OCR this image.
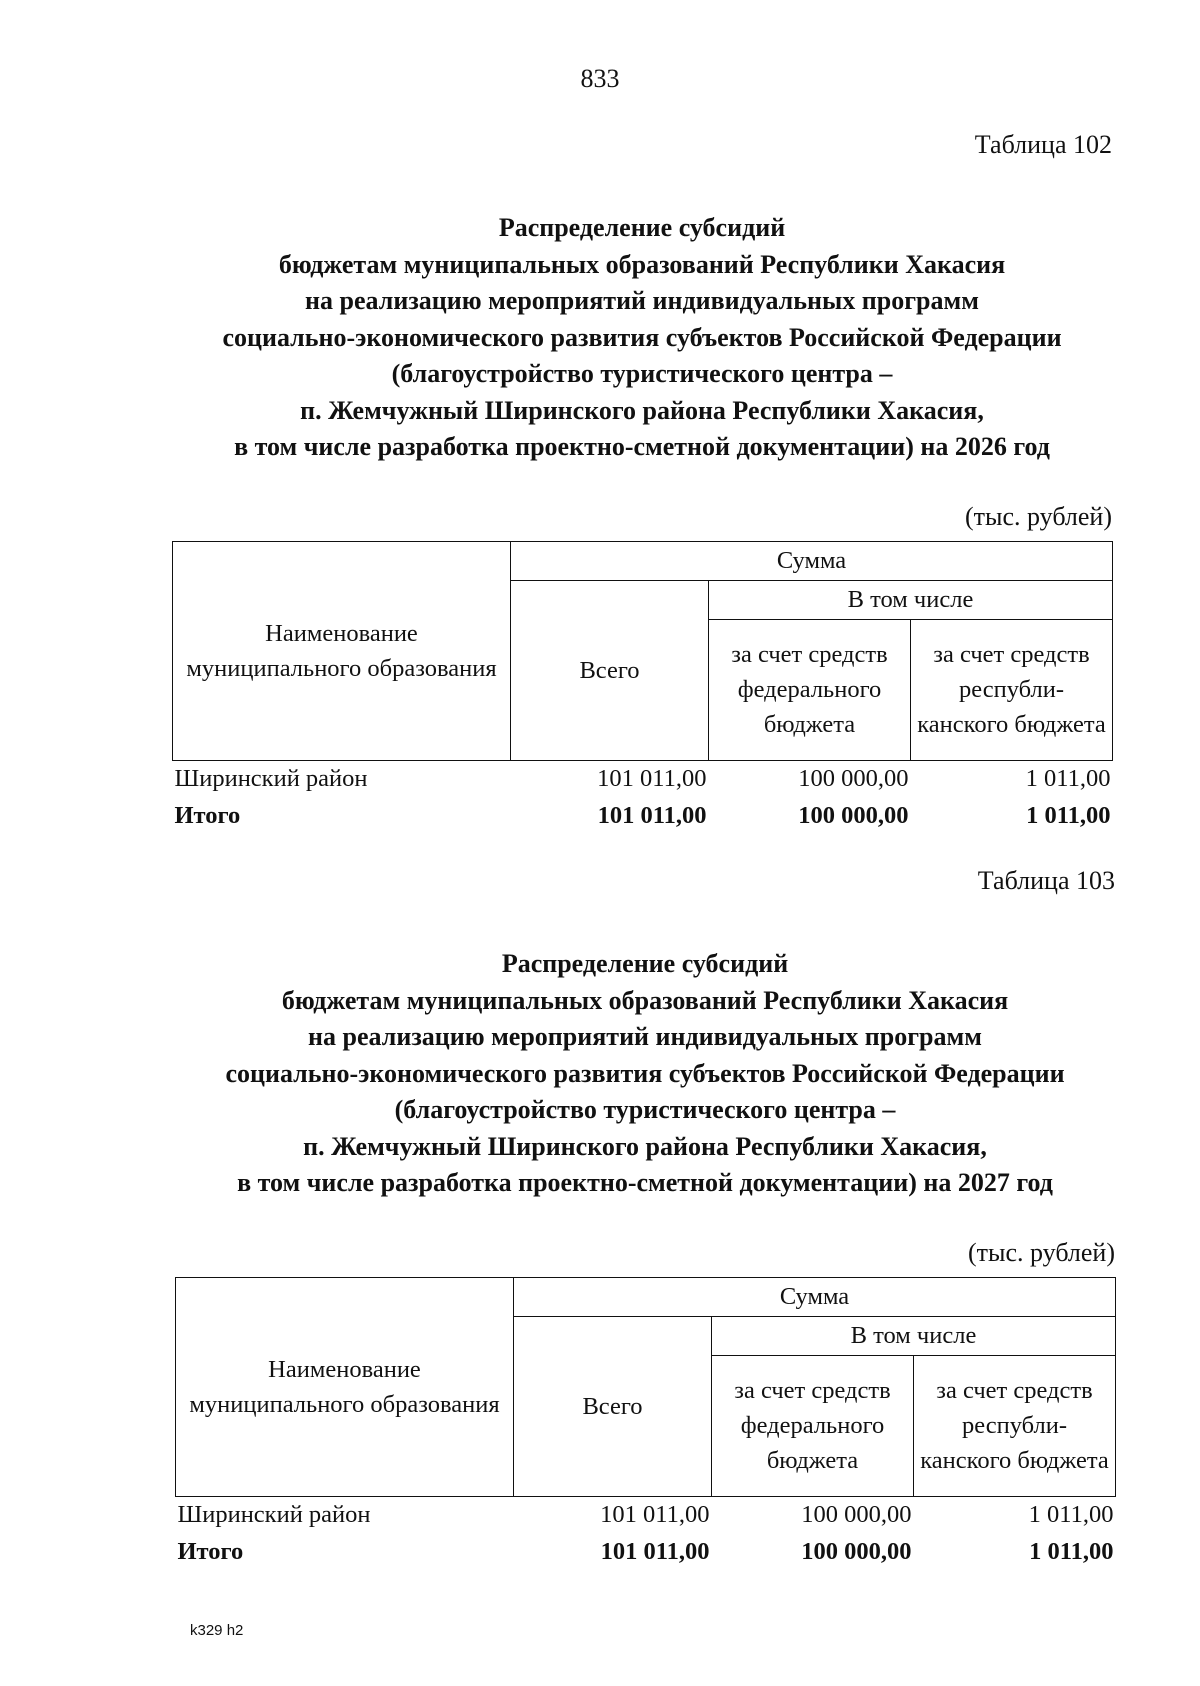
833
Таблица 102
Распределение субсидий
бюджетам муниципальных образований Республики Хакасия
на реализацию мероприятий индивидуальных программ
социально-экономического развития субъектов Российской Федерации
(благоустройство туристического центра –
п. Жемчужный Ширинского района Республики Хакасия,
в том числе разработка проектно-сметной документации) на 2026 год
(тыс. рублей)
Наименование муниципального образования	Сумма		
	Всего	В том числе	
		за счет средств федерального бюджета	за счет средств республи-канского бюджета
Ширинский район	101 011,00	100 000,00	1 011,00
Итого	101 011,00	100 000,00	1 011,00
Таблица 103
Распределение субсидий
бюджетам муниципальных образований Республики Хакасия
на реализацию мероприятий индивидуальных программ
социально-экономического развития субъектов Российской Федерации
(благоустройство туристического центра –
п. Жемчужный Ширинского района Республики Хакасия,
в том числе разработка проектно-сметной документации) на 2027 год
(тыс. рублей)
Наименование муниципального образования	Сумма		
	Всего	В том числе	
		за счет средств федерального бюджета	за счет средств республи-канского бюджета
Ширинский район	101 011,00	100 000,00	1 011,00
Итого	101 011,00	100 000,00	1 011,00
k329 h2
